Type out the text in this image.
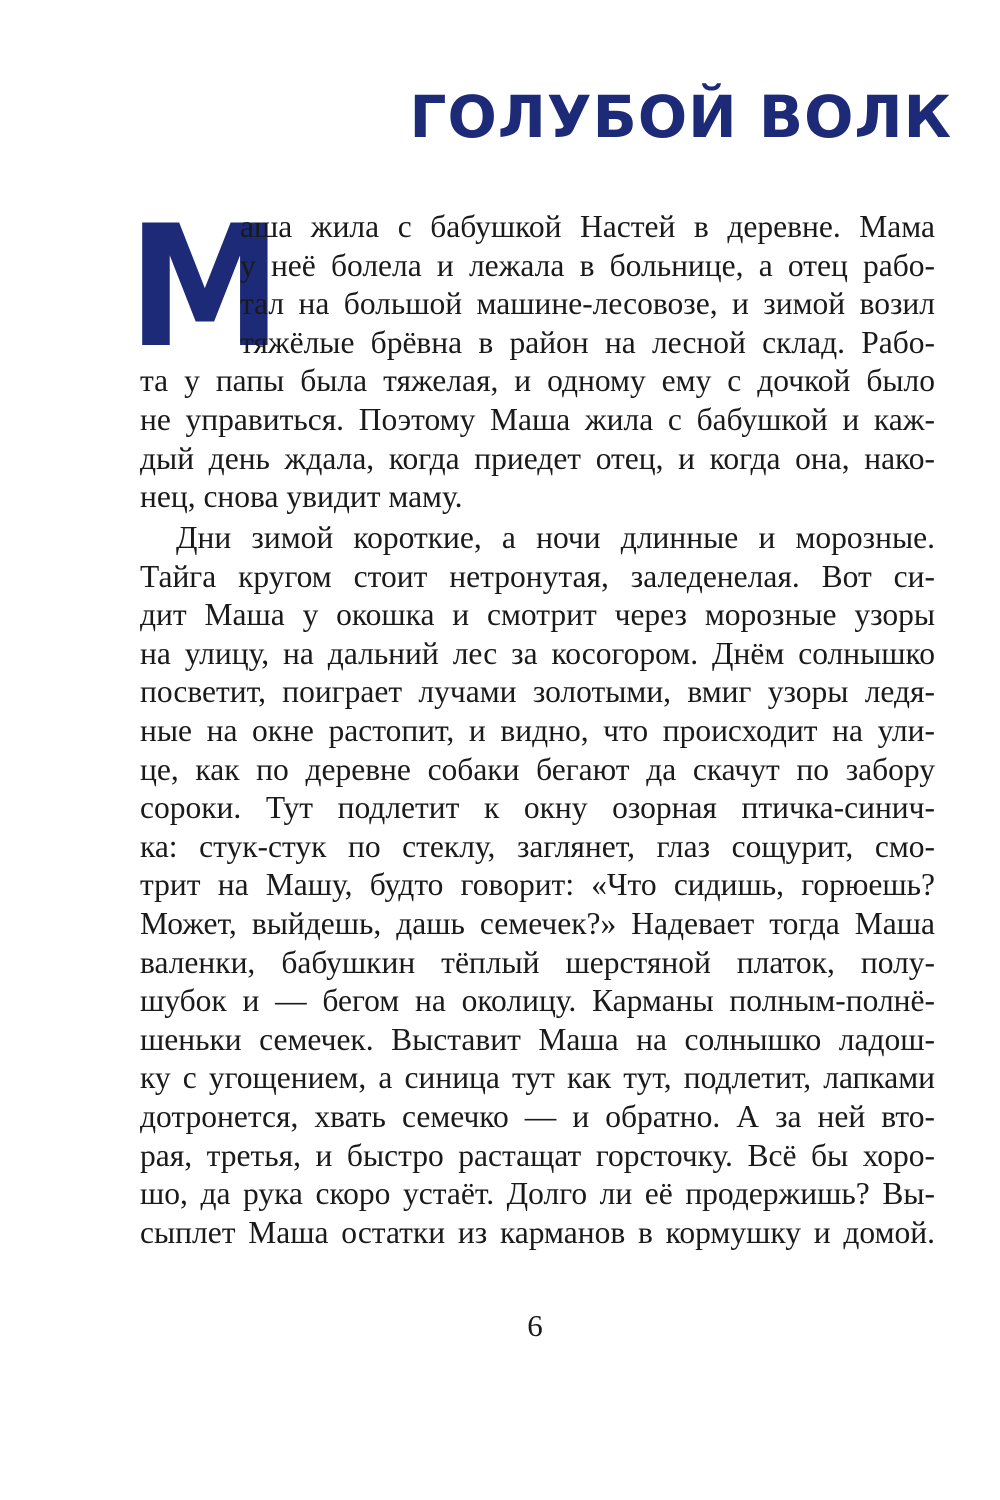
ГОЛУБОЙ ВОЛК
М
аша жила с бабушкой Настей в деревне. Мама
у неё болела и лежала в больнице, а отец рабо-
тал на большой машине-лесовозе, и зимой возил
тяжёлые брёвна в район на лесной склад. Рабо-
та у папы была тяжелая, и одному ему с дочкой было
не управиться. Поэтому Маша жила с бабушкой и каж-
дый день ждала, когда приедет отец, и когда она, нако-
нец, снова увидит маму.
Дни зимой короткие, а ночи длинные и морозные.
Тайга кругом стоит нетронутая, заледенелая. Вот си-
дит Маша у окошка и смотрит через морозные узоры
на улицу, на дальний лес за косогором. Днём солнышко
посветит, поиграет лучами золотыми, вмиг узоры ледя-
ные на окне растопит, и видно, что происходит на ули-
це, как по деревне собаки бегают да скачут по забору
сороки. Тут подлетит к окну озорная птичка-синич-
ка: стук-стук по стеклу, заглянет, глаз сощурит, смо-
трит на Машу, будто говорит: «Что сидишь, горюешь?
Может, выйдешь, дашь семечек?» Надевает тогда Маша
валенки, бабушкин тёплый шерстяной платок, полу-
шубок и — бегом на околицу. Карманы полным-полнё-
шеньки семечек. Выставит Маша на солнышко ладош-
ку с угощением, а синица тут как тут, подлетит, лапками
дотронется, хвать семечко — и обратно. А за ней вто-
рая, третья, и быстро растащат горсточку. Всё бы хоро-
шо, да рука скоро устаёт. Долго ли её продержишь? Вы-
сыплет Маша остатки из карманов в кормушку и домой.
6
